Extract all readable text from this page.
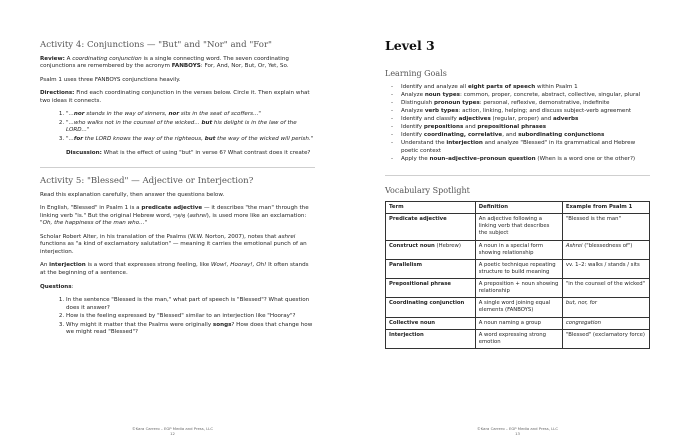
Activity 4: Conjunctions — "But" and "Nor" and "For"

Review: A coordinating conjunction is a single connecting word. The seven coordinating conjunctions are remembered by the acronym FANBOYS: For, And, Nor, But, Or, Yet, So.

Psalm 1 uses three FANBOYS conjunctions heavily.

Directions: Find each coordinating conjunction in the verses below. Circle it. Then explain what two ideas it connects.

1. "...nor stands in the way of sinners, nor sits in the seat of scoffers..."
2. "...who walks not in the counsel of the wicked... but his delight is in the law of the LORD..."
3. "...for the LORD knows the way of the righteous, but the way of the wicked will perish."

Discussion: What is the effect of using "but" in verse 6? What contrast does it create?

Activity 5: "Blessed" — Adjective or Interjection?

Read this explanation carefully, then answer the questions below.

In English, "Blessed" in Psalm 1 is a predicate adjective — it describes "the man" through the linking verb "is." But the original Hebrew word, אַשְׁרֵי (ashrei), is used more like an exclamation: "Oh, the happiness of the man who..."

Scholar Robert Alter, in his translation of the Psalms (W.W. Norton, 2007), notes that ashrei functions as "a kind of exclamatory salutation" — meaning it carries the emotional punch of an interjection.

An interjection is a word that expresses strong feeling, like Wow!, Hooray!, Oh! It often stands at the beginning of a sentence.

Questions:

1. In the sentence "Blessed is the man," what part of speech is "Blessed"? What question does it answer?
2. How is the feeling expressed by "Blessed" similar to an interjection like "Hooray"?
3. Why might it matter that the Psalms were originally songs? How does that change how we might read "Blessed"?
©Kara Carrero – EGP Media and Press, LLC
12
Level 3
Learning Goals
- Identify and analyze all eight parts of speech within Psalm 1
- Analyze noun types: common, proper, concrete, abstract, collective, singular, plural
- Distinguish pronoun types: personal, reflexive, demonstrative, indefinite
- Analyze verb types: action, linking, helping; and discuss subject-verb agreement
- Identify and classify adjectives (regular, proper) and adverbs
- Identify prepositions and prepositional phrases
- Identify coordinating, correlative, and subordinating conjunctions
- Understand the interjection and analyze "Blessed" in its grammatical and Hebrew poetic context
- Apply the noun–adjective–pronoun question (When is a word one or the other?)
Vocabulary Spotlight
Term	Definition	Example from Psalm 1
Predicate adjective	An adjective following a linking verb that describes the subject	"Blessed is the man"
Construct noun (Hebrew)	A noun in a special form showing relationship	Ashrei ("blessedness of")
Parallelism	A poetic technique repeating structure to build meaning	vv. 1–2: walks / stands / sits
Prepositional phrase	A preposition + noun showing relationship	"in the counsel of the wicked"
Coordinating conjunction	A single word joining equal elements (FANBOYS)	but, nor, for
Collective noun	A noun naming a group	congregation
Interjection	A word expressing strong emotion	"Blessed" (exclamatory force)
©Kara Carrero – EGP Media and Press, LLC
13
